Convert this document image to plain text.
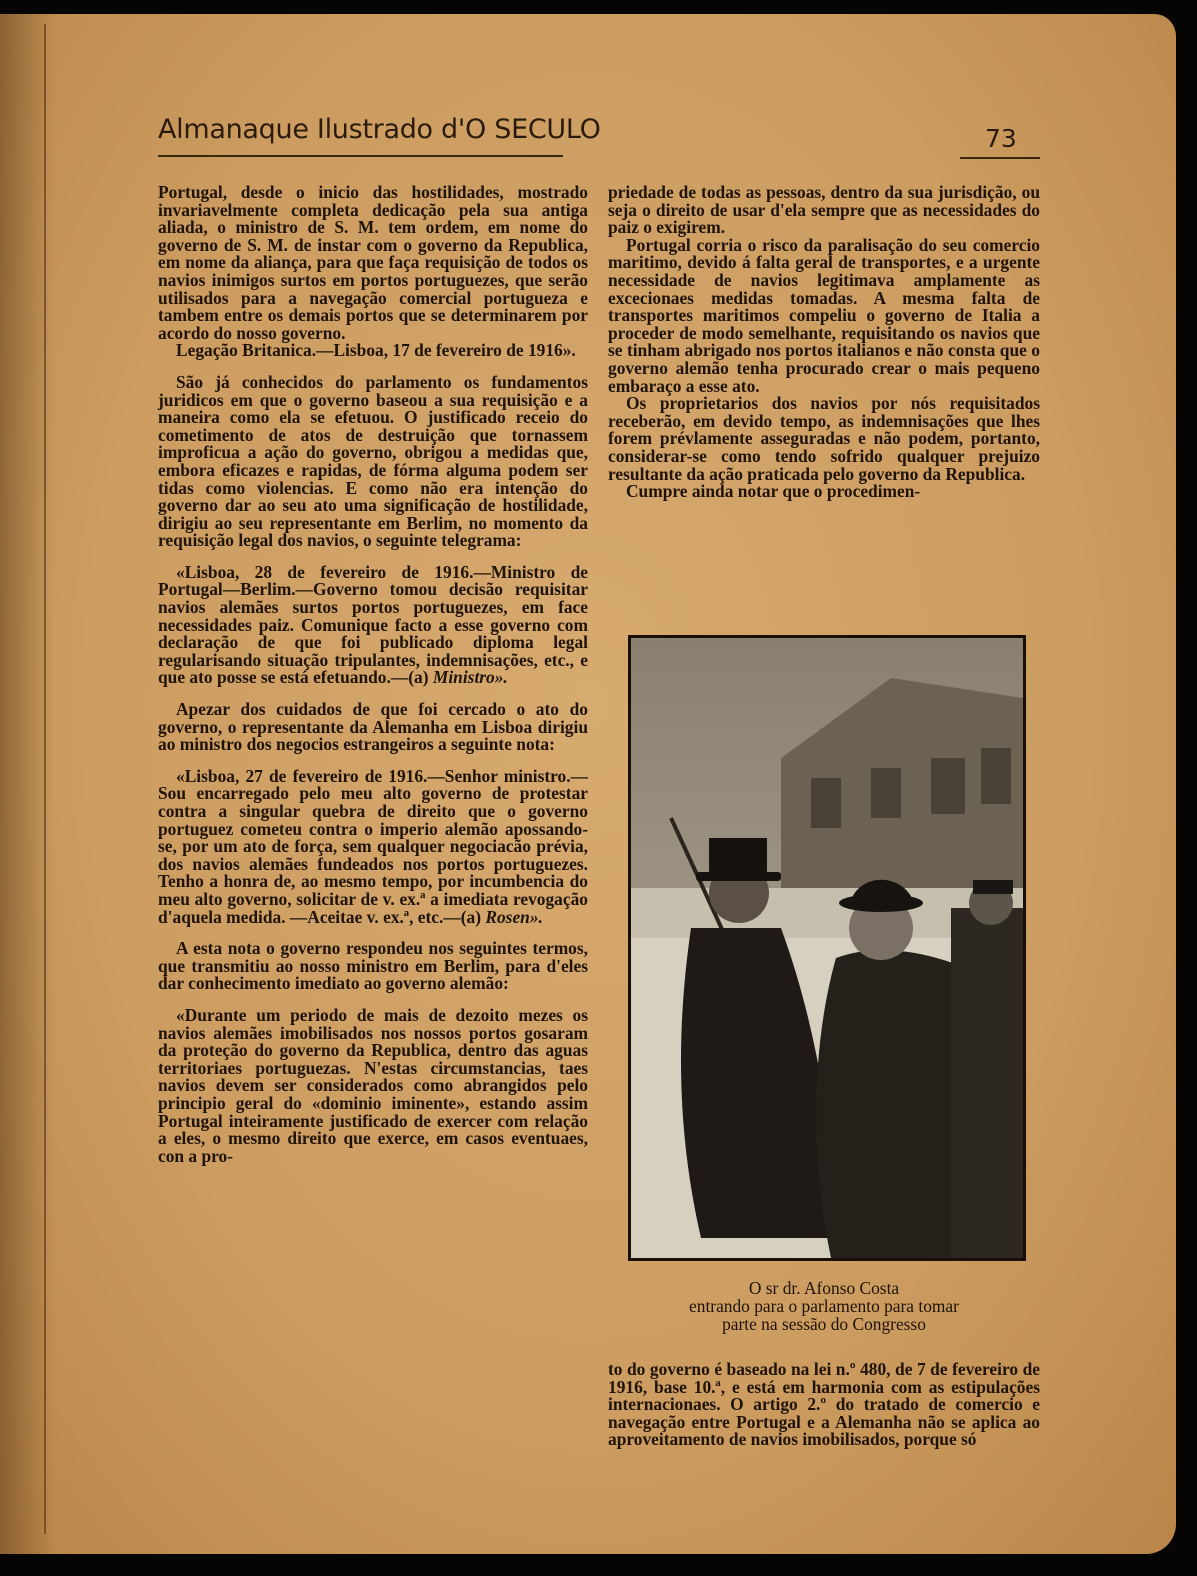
Almanaque Ilustrado d'O SECULO	73

Portugal, desde o inicio das hostilidades, mostrado invariavelmente completa dedicação pela sua antiga aliada, o ministro de S. M. tem ordem, em nome do governo de S. M. de instar com o governo da Republica, em nome da aliança, para que faça requisição de todos os navios inimigos surtos em portos portuguezes, que serão utilisados para a navegação comercial portugueza e tambem entre os demais portos que se determinarem por acordo do nosso governo.

Legação Britanica.—Lisboa, 17 de fevereiro de 1916».

São já conhecidos do parlamento os fundamentos juridicos em que o governo baseou a sua requisição e a maneira como ela se efetuou. O justificado receio do cometimento de atos de destruição que tornassem improficua a ação do governo, obrigou a medidas que, embora eficazes e rapidas, de fórma alguma podem ser tidas como violencias. E como não era intenção do governo dar ao seu ato uma significação de hostilidade, dirigiu ao seu representante em Berlim, no momento da requisição legal dos navios, o seguinte telegrama:

«Lisboa, 28 de fevereiro de 1916.—Ministro de Portugal—Berlim.—Governo tomou decisão requisitar navios alemães surtos portos portuguezes, em face necessidades paiz. Comunique facto a esse governo com declaração de que foi publicado diploma legal regularisando situação tripulantes, indemnisações, etc., e que ato posse se está efetuando.—(a) Ministro».

Apezar dos cuidados de que foi cercado o ato do governo, o representante da Alemanha em Lisboa dirigiu ao ministro dos negocios estrangeiros a seguinte nota:

«Lisboa, 27 de fevereiro de 1916.—Senhor ministro.—Sou encarregado pelo meu alto governo de protestar contra a singular quebra de direito que o governo portuguez cometeu contra o imperio alemão apossando-se, por um ato de força, sem qualquer negociacão prévia, dos navios alemães fundeados nos portos portuguezes. Tenho a honra de, ao mesmo tempo, por incumbencia do meu alto governo, solicitar de v. ex.ª a imediata revogação d'aquela medida. —Aceitae v. ex.ª, etc.—(a) Rosen».

A esta nota o governo respondeu nos seguintes termos, que transmitiu ao nosso ministro em Berlim, para d'eles dar conhecimento imediato ao governo alemão:

«Durante um periodo de mais de dezoito mezes os navios alemães imobilisados nos nossos portos gosaram da proteção do governo da Republica, dentro das aguas territoriaes portuguezas. N'estas circumstancias, taes navios devem ser considerados como abrangidos pelo principio geral do «dominio iminente», estando assim Portugal inteiramente justificado de exercer com relação a eles, o mesmo direito que exerce, em casos eventuaes, con a pro-

priedade de todas as pessoas, dentro da sua jurisdição, ou seja o direito de usar d'ela sempre que as necessidades do paiz o exigirem.

Portugal corria o risco da paralisação do seu comercio maritimo, devido á falta geral de transportes, e a urgente necessidade de navios legitimava amplamente as excecionaes medidas tomadas. A mesma falta de transportes maritimos compeliu o governo de Italia a proceder de modo semelhante, requisitando os navios que se tinham abrigado nos portos italianos e não consta que o governo alemão tenha procurado crear o mais pequeno embaraço a esse ato.

Os proprietarios dos navios por nós requisitados receberão, em devido tempo, as indemnisações que lhes forem prévlamente asseguradas e não podem, portanto, considerar-se como tendo sofrido qualquer prejuizo resultante da ação praticada pelo governo da Republica.

Cumpre ainda notar que o procedimen-

O sr dr. Afonso Costa
entrando para o parlamento para tomar
parte na sessão do Congresso

to do governo é baseado na lei n.º 480, de 7 de fevereiro de 1916, base 10.ª, e está em harmonia com as estipulações internacionaes. O artigo 2.º do tratado de comercio e navegação entre Portugal e a Alemanha não se aplica ao aproveitamento de navios imobilisados, porque só
